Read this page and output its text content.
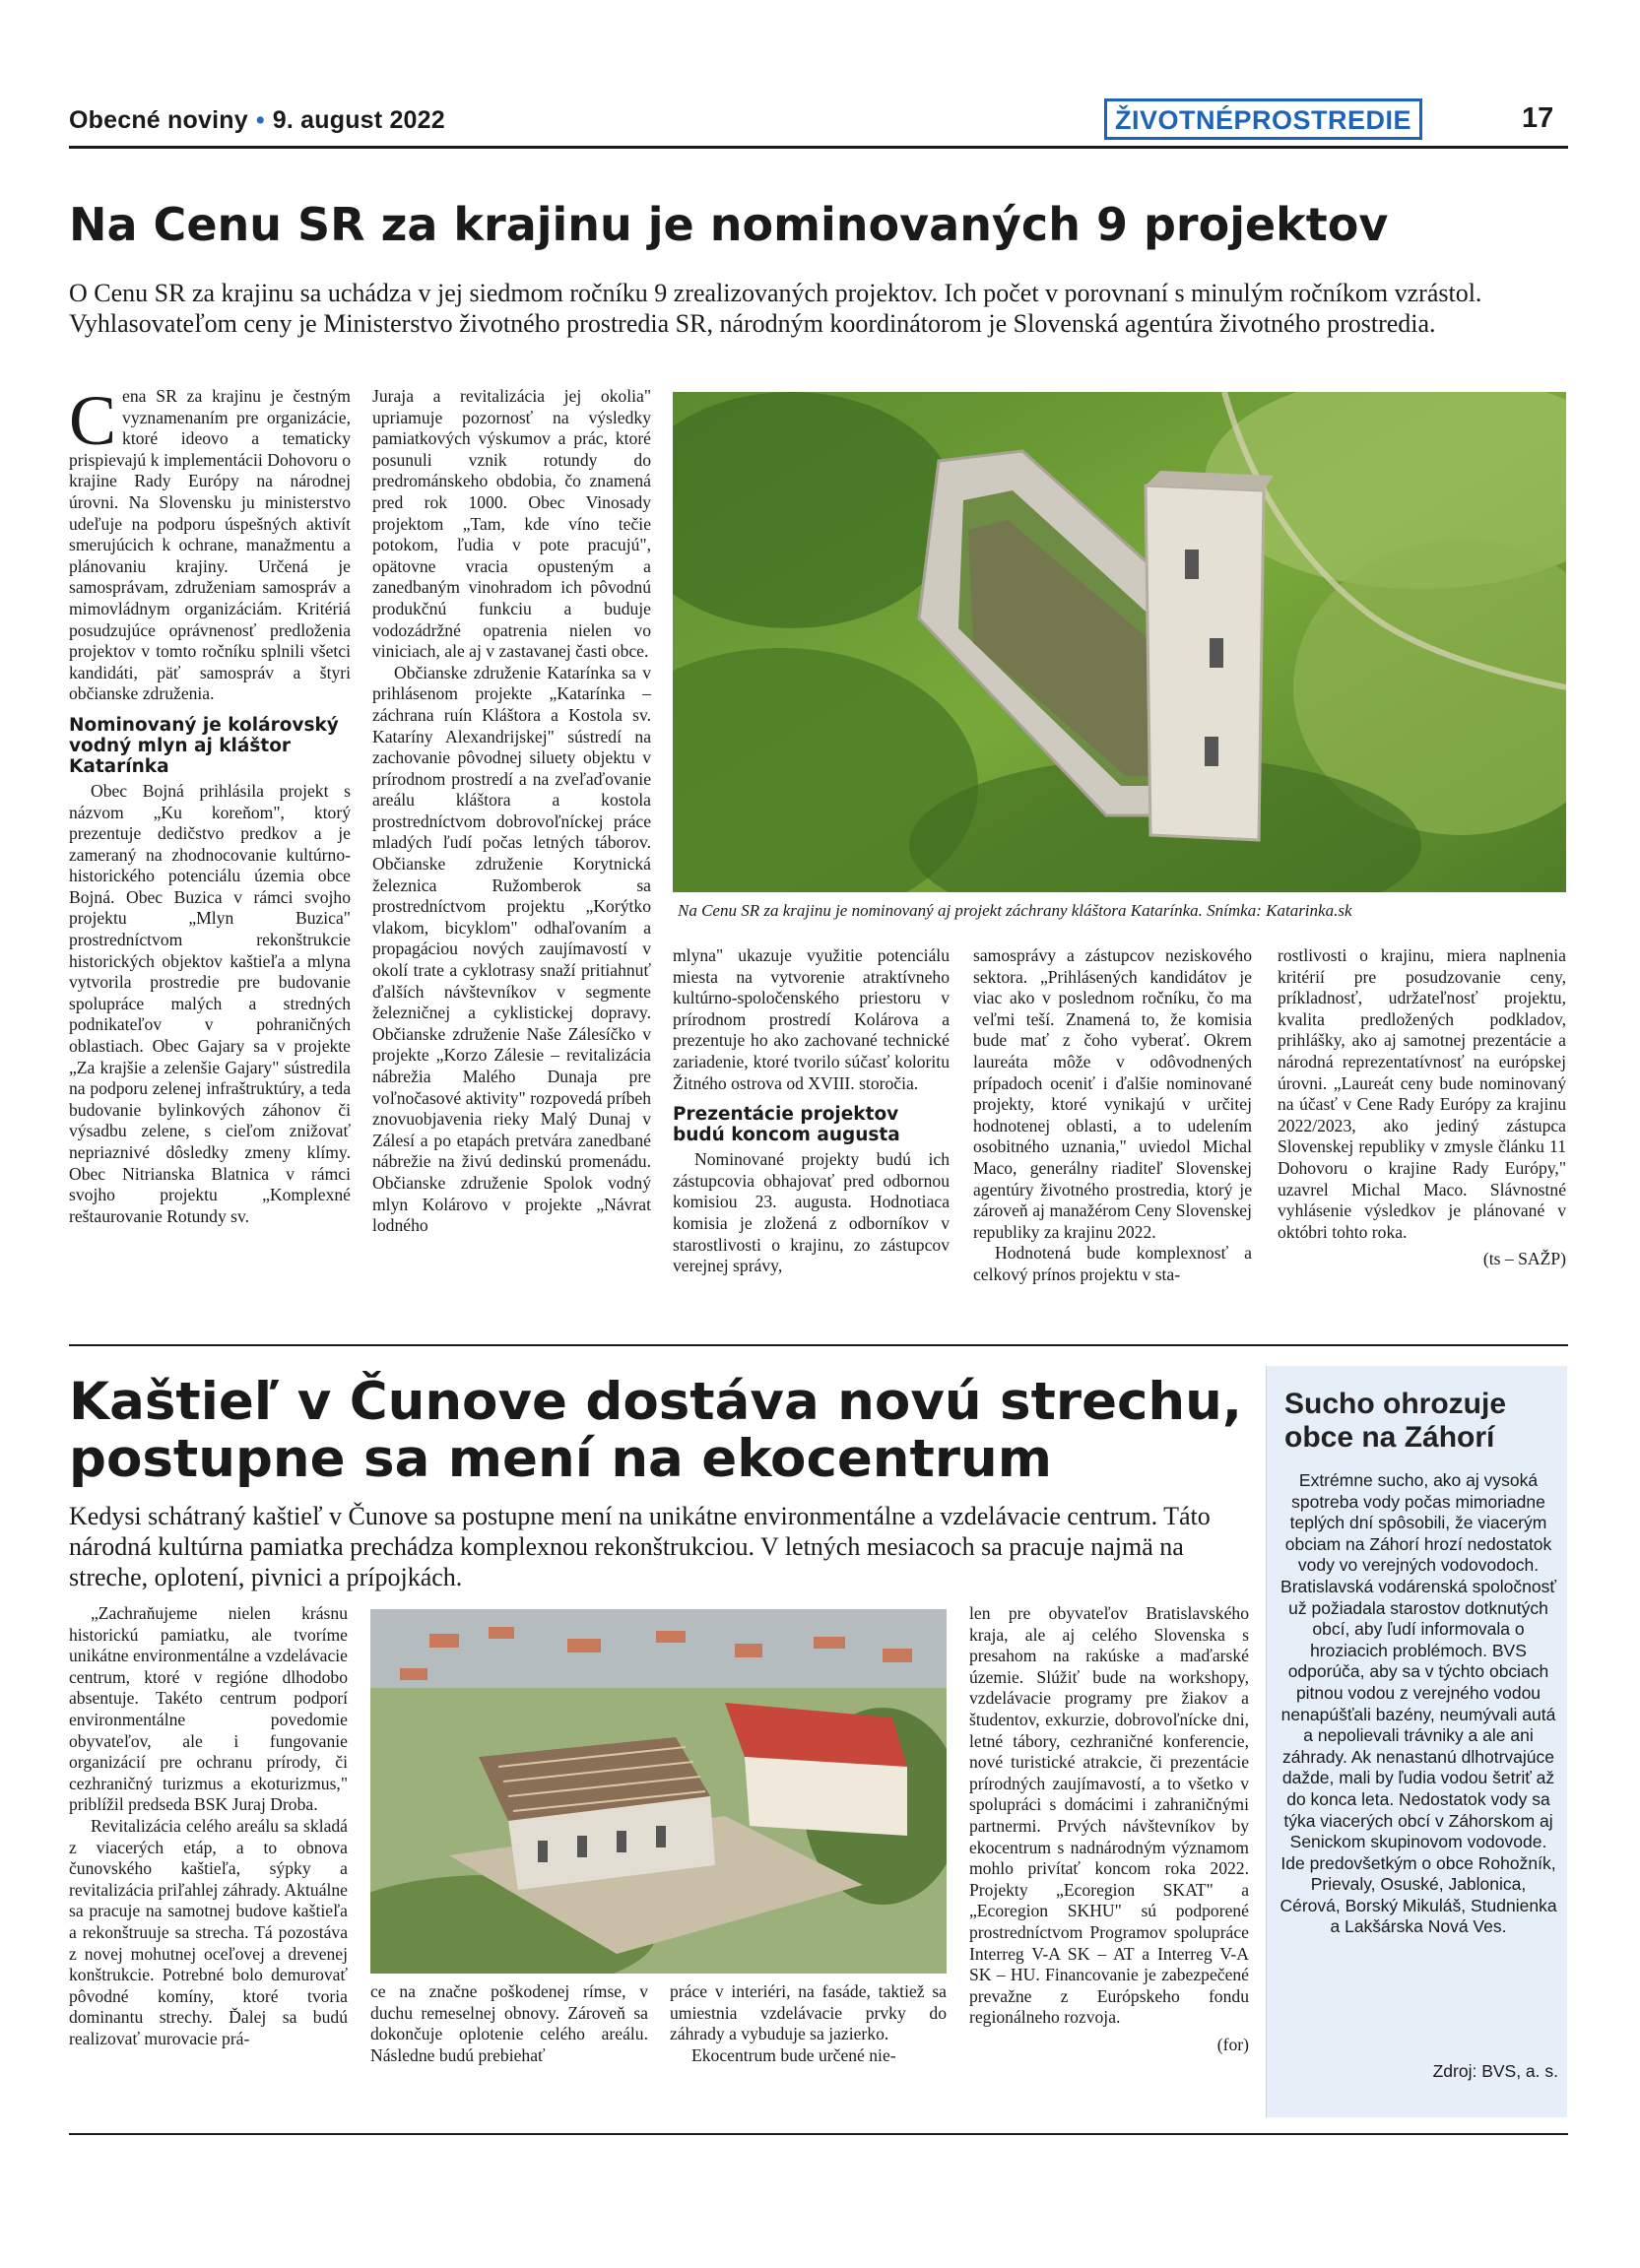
Obecné noviny • 9. august 2022	ŽIVOTNÉPROSTREDIE	17
Na Cenu SR za krajinu je nominovaných 9 projektov
O Cenu SR za krajinu sa uchádza v jej siedmom ročníku 9 zrealizovaných projektov. Ich počet v porovnaní s minulým ročníkom vzrástol. Vyhlasovateľom ceny je Ministerstvo životného prostredia SR, národným koordinátorom je Slovenská agentúra životného prostredia.

Cena SR za krajinu je čestným vyznamenaním pre organizácie, ktoré ideovo a tematicky prispievajú k implementácii Dohovoru o krajine Rady Európy na národnej úrovni. Na Slovensku ju ministerstvo udeľuje na podporu úspešných aktivít smerujúcich k ochrane, manažmentu a plánovaniu krajiny. Určená je samosprávam, združeniam samospráv a mimovládnym organizáciám. Kritériá posudzujúce oprávnenosť predloženia projektov v tomto ročníku splnili všetci kandidáti, päť samospráv a štyri občianske združenia.

Nominovaný je kolárovský vodný mlyn aj kláštor Katarínka

Obec Bojná prihlásila projekt s názvom „Ku koreňom", ktorý prezentuje dedičstvo predkov a je zameraný na zhodnocovanie kultúrno-historického potenciálu územia obce Bojná. Obec Buzica v rámci svojho projektu „Mlyn Buzica" prostredníctvom rekonštrukcie historických objektov kaštieľa a mlyna vytvorila prostredie pre budovanie spolupráce malých a stredných podnikateľov v pohraničných oblastiach. Obec Gajary sa v projekte „Za krajšie a zelenšie Gajary" sústredila na podporu zelenej infraštruktúry, a teda budovanie bylinkových záhonov či výsadbu zelene, s cieľom znižovať nepriaznivé dôsledky zmeny klímy. Obec Nitrianska Blatnica v rámci svojho projektu „Komplexné reštaurovanie Rotundy sv.

Juraja a revitalizácia jej okolia" upriamuje pozornosť na výsledky pamiatkových výskumov a prác, ktoré posunuli vznik rotundy do predrománskeho obdobia, čo znamená pred rok 1000. Obec Vinosady projektom „Tam, kde víno tečie potokom, ľudia v pote pracujú", opätovne vracia opusteným a zanedbaným vinohradom ich pôvodnú produkčnú funkciu a buduje vodozádržné opatrenia nielen vo viniciach, ale aj v zastavanej časti obce.

Občianske združenie Katarínka sa v prihlásenom projekte „Katarínka – záchrana ruín Kláštora a Kostola sv. Kataríny Alexandrijskej" sústredí na zachovanie pôvodnej siluety objektu v prírodnom prostredí a na zveľaďovanie areálu kláštora a kostola prostredníctvom dobrovoľníckej práce mladých ľudí počas letných táborov. Občianske združenie Korytnická železnica Ružomberok sa prostredníctvom projektu „Korýtko vlakom, bicyklom" odhaľovaním a propagáciou nových zaujímavostí v okolí trate a cyklotrasy snaží pritiahnuť ďalších návštevníkov v segmente železničnej a cyklistickej dopravy. Občianske združenie Naše Zálesíčko v projekte „Korzo Zálesie – revitalizácia nábrežia Malého Dunaja pre voľnočasové aktivity" rozpovedá príbeh znovuobjavenia rieky Malý Dunaj v Zálesí a po etapách pretvára zanedbané nábrežie na živú dedinskú promenádu. Občianske združenie Spolok vodný mlyn Kolárovo v projekte „Návrat lodného

Na Cenu SR za krajinu je nominovaný aj projekt záchrany kláštora Katarínka. Snímka: Katarinka.sk

mlyna" ukazuje využitie potenciálu miesta na vytvorenie atraktívneho kultúrno-spoločenského priestoru v prírodnom prostredí Kolárova a prezentuje ho ako zachované technické zariadenie, ktoré tvorilo súčasť koloritu Žitného ostrova od XVIII. storočia.

Prezentácie projektov budú koncom augusta

Nominované projekty budú ich zástupcovia obhajovať pred odbornou komisiou 23. augusta. Hodnotiaca komisia je zložená z odborníkov v starostlivosti o krajinu, zo zástupcov verejnej správy,

samosprávy a zástupcov neziskového sektora. „Prihlásených kandidátov je viac ako v poslednom ročníku, čo ma veľmi teší. Znamená to, že komisia bude mať z čoho vyberať. Okrem laureáta môže v odôvodnených prípadoch oceniť i ďalšie nominované projekty, ktoré vynikajú v určitej hodnotenej oblasti, a to udelením osobitného uznania," uviedol Michal Maco, generálny riaditeľ Slovenskej agentúry životného prostredia, ktorý je zároveň aj manažérom Ceny Slovenskej republiky za krajinu 2022.

Hodnotená bude komplexnosť a celkový prínos projektu v sta-

rostlivosti o krajinu, miera naplnenia kritérií pre posudzovanie ceny, príkladnosť, udržateľnosť projektu, kvalita predložených podkladov, prihlášky, ako aj samotnej prezentácie a národná reprezentatívnosť na európskej úrovni. „Laureát ceny bude nominovaný na účasť v Cene Rady Európy za krajinu 2022/2023, ako jediný zástupca Slovenskej republiky v zmysle článku 11 Dohovoru o krajine Rady Európy," uzavrel Michal Maco. Slávnostné vyhlásenie výsledkov je plánované v októbri tohto roka.

(ts – SAŽP)

Kaštieľ v Čunove dostáva novú strechu,
postupne sa mení na ekocentrum
Kedysi schátraný kaštieľ v Čunove sa postupne mení na unikátne environmentálne a vzdelávacie centrum. Táto národná kultúrna pamiatka prechádza komplexnou rekonštrukciou. V letných mesiacoch sa pracuje najmä na streche, oplotení, pivnici a prípojkách.

„Zachraňujeme nielen krásnu historickú pamiatku, ale tvoríme unikátne environmentálne a vzdelávacie centrum, ktoré v regióne dlhodobo absentuje. Takéto centrum podporí environmentálne povedomie obyvateľov, ale i fungovanie organizácií pre ochranu prírody, či cezhraničný turizmus a ekoturizmus," priblížil predseda BSK Juraj Droba.

Revitalizácia celého areálu sa skladá z viacerých etáp, a to obnova čunovského kaštieľa, sýpky a revitalizácia priľahlej záhrady. Aktuálne sa pracuje na samotnej budove kaštieľa a rekonštruuje sa strecha. Tá pozostáva z novej mohutnej oceľovej a drevenej konštrukcie. Potrebné bolo demurovať pôvodné komíny, ktoré tvoria dominantu strechy. Ďalej sa budú realizovať murovacie prá-

ce na značne poškodenej rímse, v duchu remeselnej obnovy. Zároveň sa dokončuje oplotenie celého areálu. Následne budú prebiehať

práce v interiéri, na fasáde, taktiež sa umiestnia vzdelávacie prvky do záhrady a vybuduje sa jazierko.

Ekocentrum bude určené nie-

len pre obyvateľov Bratislavského kraja, ale aj celého Slovenska s presahom na rakúske a maďarské územie. Slúžiť bude na workshopy, vzdelávacie programy pre žiakov a študentov, exkurzie, dobrovoľnícke dni, letné tábory, cezhraničné konferencie, nové turistické atrakcie, či prezentácie prírodných zaujímavostí, a to všetko v spolupráci s domácimi i zahraničnými partnermi. Prvých návštevníkov by ekocentrum s nadnárodným významom mohlo privítať koncom roka 2022. Projekty „Ecoregion SKAT" a „Ecoregion SKHU" sú podporené prostredníctvom Programov spolupráce Interreg V-A SK – AT a Interreg V-A SK – HU. Financovanie je zabezpečené prevažne z Európskeho fondu regionálneho rozvoja.

(for)

Sucho ohrozuje
obce na Záhorí
Extrémne sucho, ako aj vysoká spotreba vody počas mimoriadne teplých dní spôsobili, že viacerým obciam na Záhorí hrozí nedostatok vody vo verejných vodovodoch. Bratislavská vodárenská spoločnosť už požiadala starostov dotknutých obcí, aby ľudí informovala o hroziacich problémoch. BVS odporúča, aby sa v týchto obciach pitnou vodou z verejného vodou nenapúšťali bazény, neumývali autá a nepolievali trávniky a ale ani záhrady. Ak nenastanú dlhotrvajúce dažde, mali by ľudia vodou šetriť až do konca leta. Nedostatok vody sa týka viacerých obcí v Záhorskom aj Senickom skupinovom vodovode. Ide predovšetkým o obce Rohožník, Prievaly, Osuské, Jablonica, Cérová, Borský Mikuláš, Studnienka a Lakšárska Nová Ves.
Zdroj: BVS, a. s.
